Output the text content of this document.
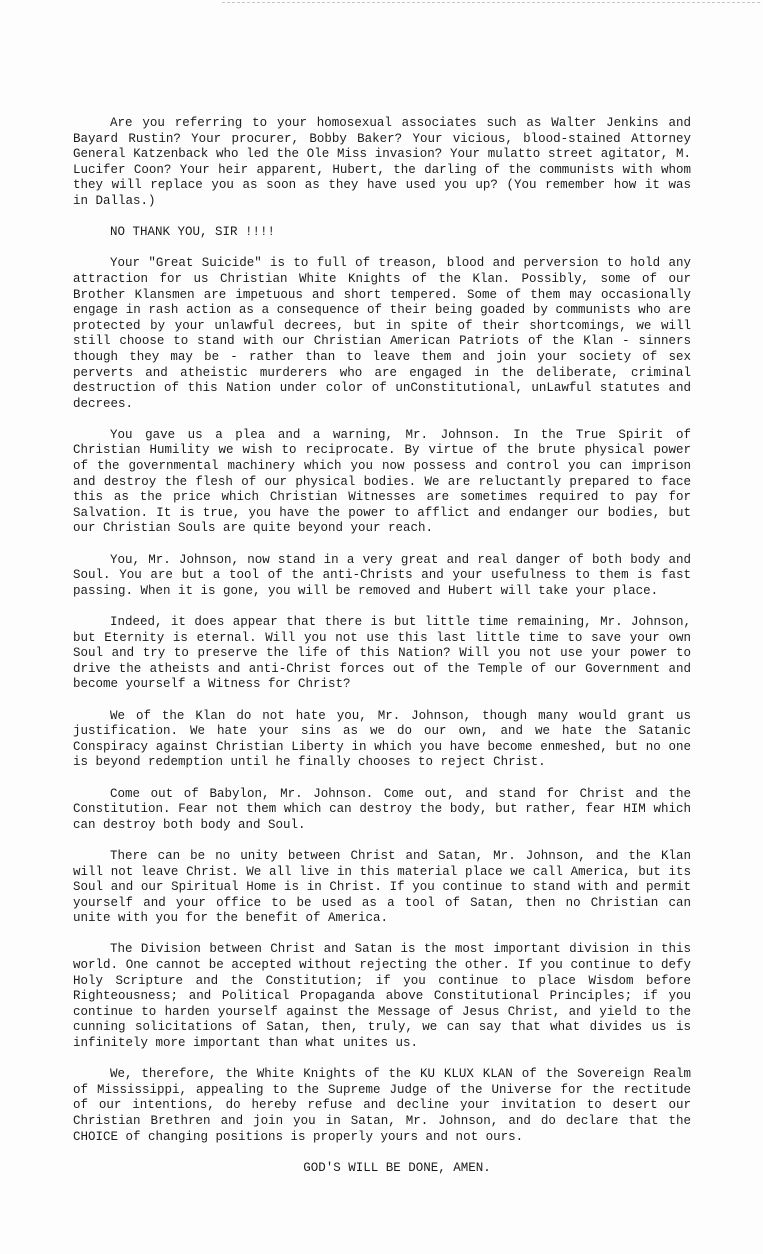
Are you referring to your homosexual associates such as Walter Jenkins and Bayard Rustin? Your procurer, Bobby Baker? Your vicious, blood-stained Attorney General Katzenback who led the Ole Miss invasion? Your mulatto street agitator, M. Lucifer Coon? Your heir apparent, Hubert, the darling of the communists with whom they will replace you as soon as they have used you up? (You remember how it was in Dallas.)

NO THANK YOU, SIR !!!!

Your "Great Suicide" is to full of treason, blood and perversion to hold any attraction for us Christian White Knights of the Klan. Possibly, some of our Brother Klansmen are impetuous and short tempered. Some of them may occasionally engage in rash action as a consequence of their being goaded by communists who are protected by your unlawful decrees, but in spite of their shortcomings, we will still choose to stand with our Christian American Patriots of the Klan - sinners though they may be - rather than to leave them and join your society of sex perverts and atheistic murderers who are engaged in the deliberate, criminal destruction of this Nation under color of unConstitutional, unLawful statutes and decrees.

You gave us a plea and a warning, Mr. Johnson. In the True Spirit of Christian Humility we wish to reciprocate. By virtue of the brute physical power of the governmental machinery which you now possess and control you can imprison and destroy the flesh of our physical bodies. We are reluctantly prepared to face this as the price which Christian Witnesses are sometimes required to pay for Salvation. It is true, you have the power to afflict and endanger our bodies, but our Christian Souls are quite beyond your reach.

You, Mr. Johnson, now stand in a very great and real danger of both body and Soul. You are but a tool of the anti-Christs and your usefulness to them is fast passing. When it is gone, you will be removed and Hubert will take your place.

Indeed, it does appear that there is but little time remaining, Mr. Johnson, but Eternity is eternal. Will you not use this last little time to save your own Soul and try to preserve the life of this Nation? Will you not use your power to drive the atheists and anti-Christ forces out of the Temple of our Government and become yourself a Witness for Christ?

We of the Klan do not hate you, Mr. Johnson, though many would grant us justification. We hate your sins as we do our own, and we hate the Satanic Conspiracy against Christian Liberty in which you have become enmeshed, but no one is beyond redemption until he finally chooses to reject Christ.

Come out of Babylon, Mr. Johnson. Come out, and stand for Christ and the Constitution. Fear not them which can destroy the body, but rather, fear HIM which can destroy both body and Soul.

There can be no unity between Christ and Satan, Mr. Johnson, and the Klan will not leave Christ. We all live in this material place we call America, but its Soul and our Spiritual Home is in Christ. If you continue to stand with and permit yourself and your office to be used as a tool of Satan, then no Christian can unite with you for the benefit of America.

The Division between Christ and Satan is the most important division in this world. One cannot be accepted without rejecting the other. If you continue to defy Holy Scripture and the Constitution; if you continue to place Wisdom before Righteousness; and Political Propaganda above Constitutional Principles; if you continue to harden yourself against the Message of Jesus Christ, and yield to the cunning solicitations of Satan, then, truly, we can say that what divides us is infinitely more important than what unites us.

We, therefore, the White Knights of the KU KLUX KLAN of the Sovereign Realm of Mississippi, appealing to the Supreme Judge of the Universe for the rectitude of our intentions, do hereby refuse and decline your invitation to desert our Christian Brethren and join you in Satan, Mr. Johnson, and do declare that the CHOICE of changing positions is properly yours and not ours.

GOD'S WILL BE DONE, AMEN.
